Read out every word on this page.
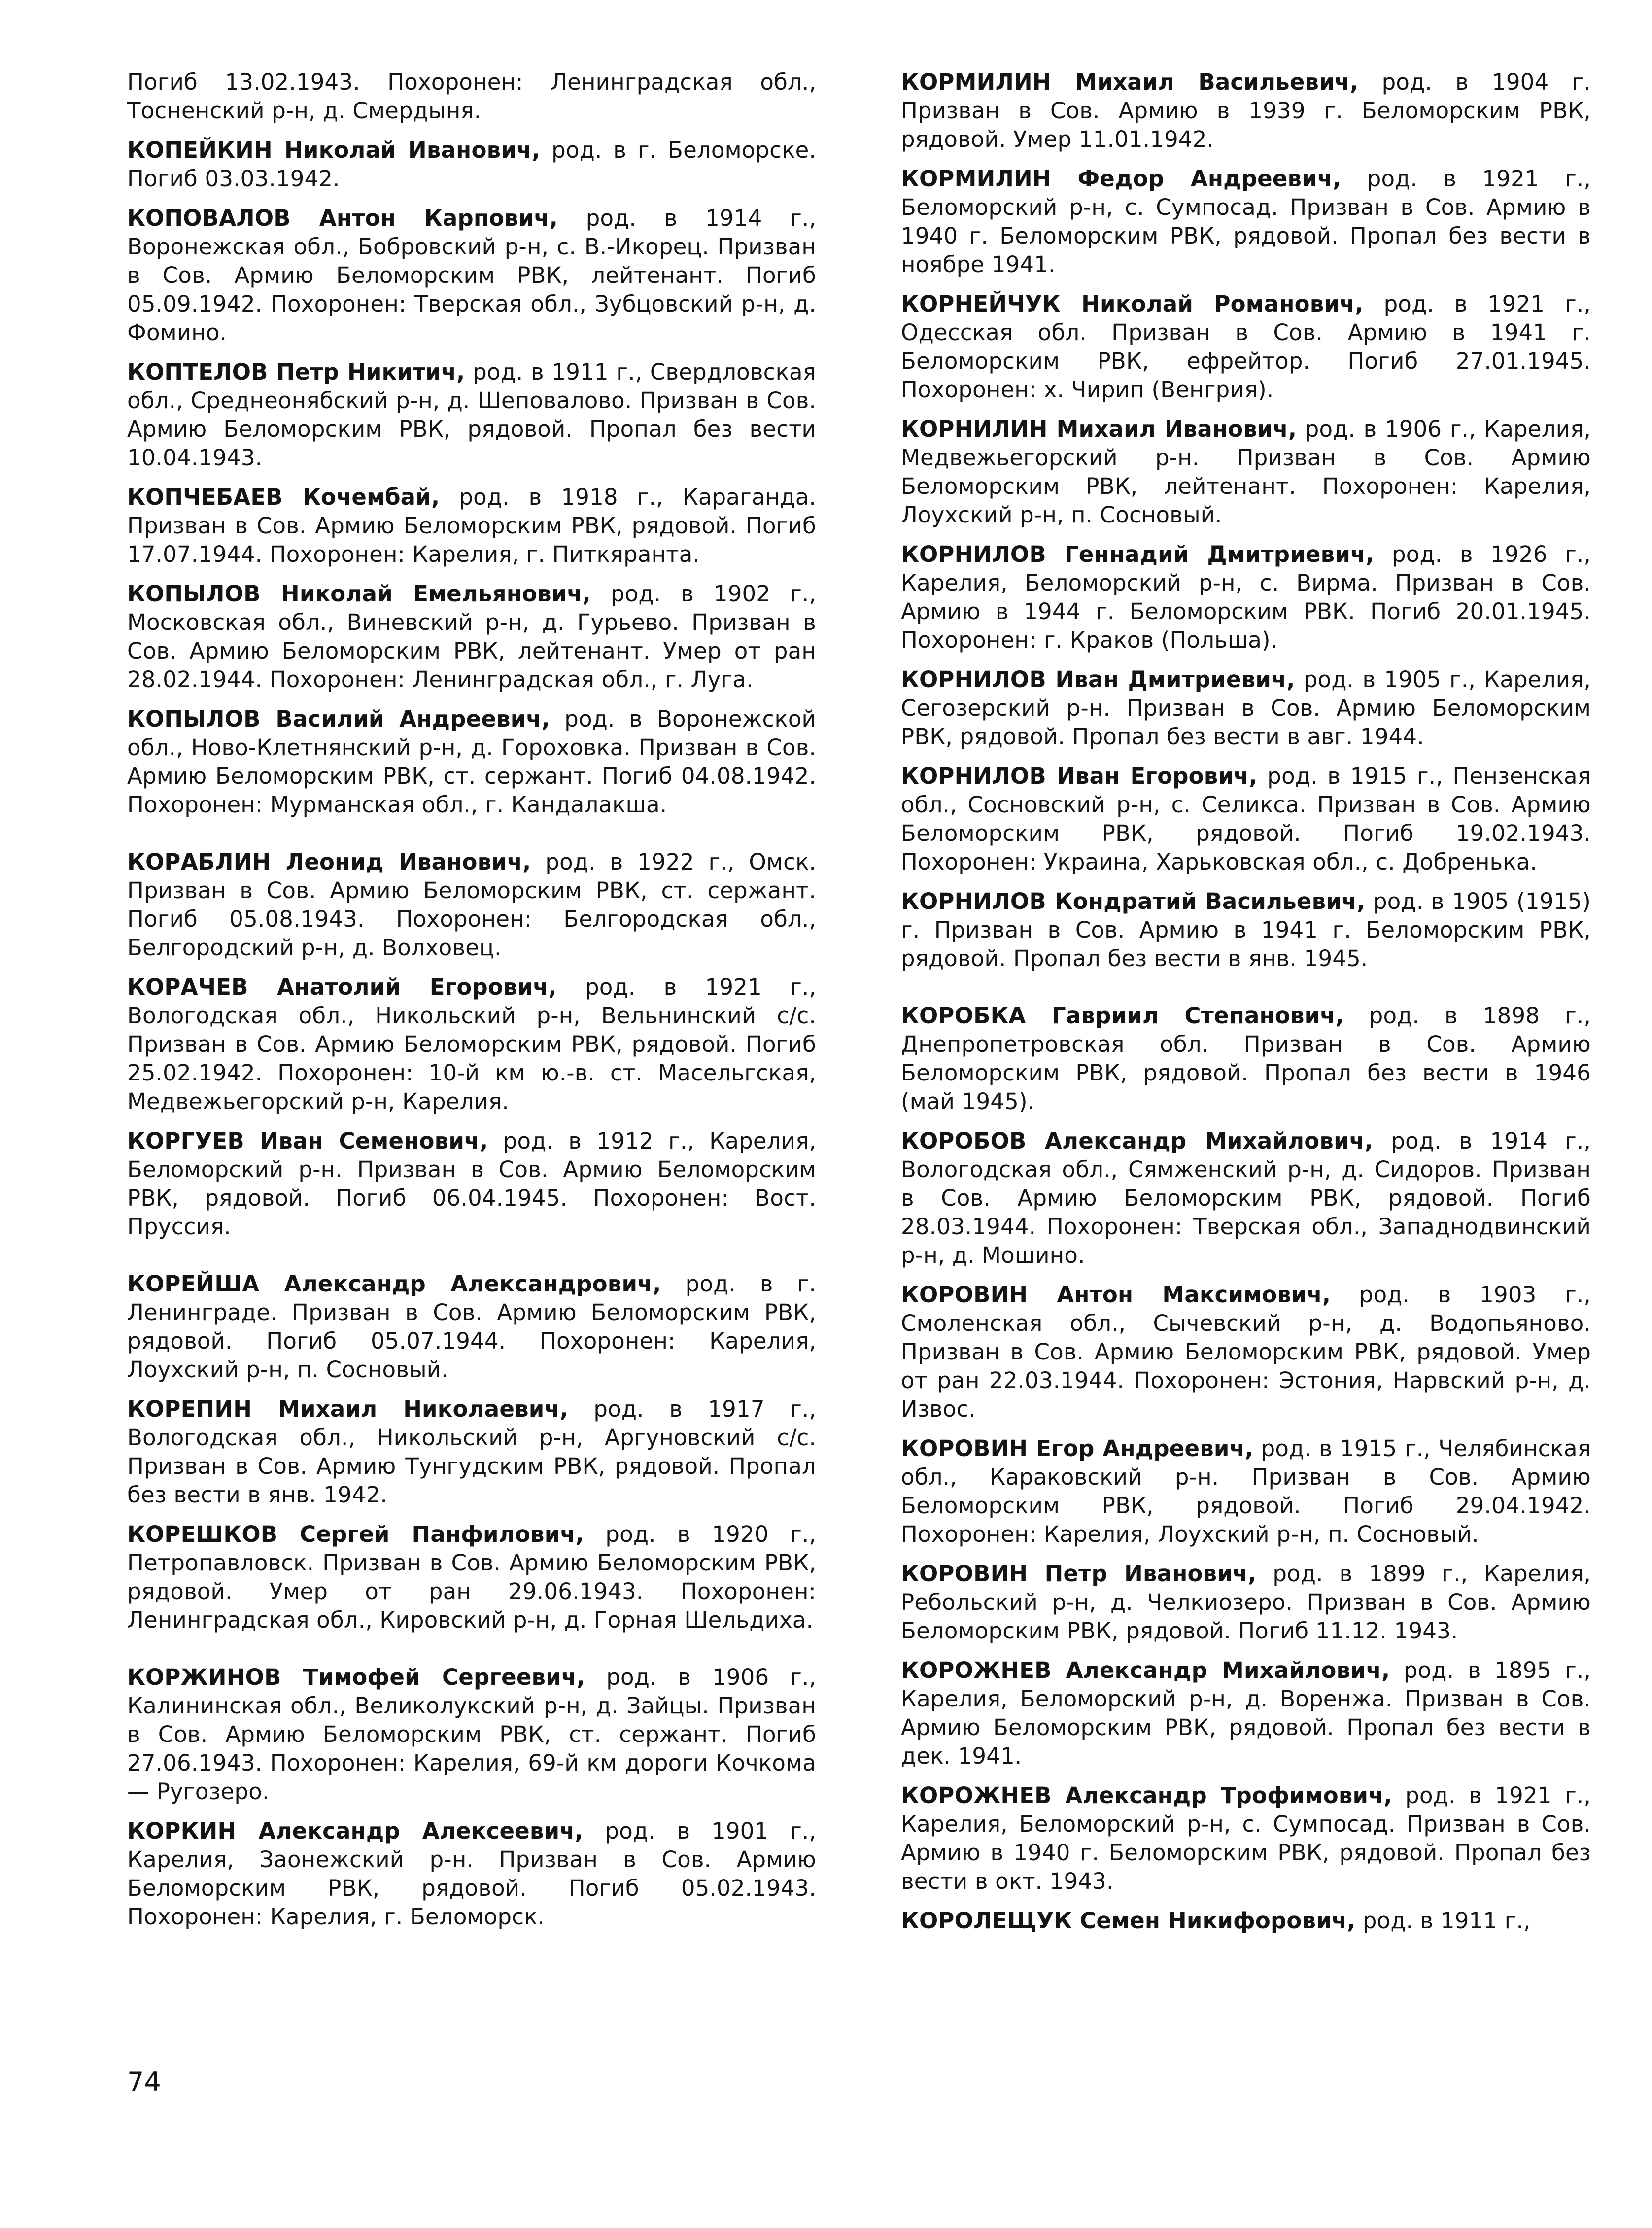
Погиб 13.02.1943. Похоронен: Ленинградская обл., Тосненский р-н, д. Смердыня.

КОПЕЙКИН Николай Иванович, род. в г. Беломорске. Погиб 03.03.1942.

КОПОВАЛОВ Антон Карпович, род. в 1914 г., Воронежская обл., Бобровский р-н, с. В.-Икорец. Призван в Сов. Армию Беломорским РВК, лейтенант. Погиб 05.09.1942. Похоронен: Тверская обл., Зубцовский р-н, д. Фомино.

КОПТЕЛОВ Петр Никитич, род. в 1911 г., Свердловская обл., Среднеонябский р-н, д. Шеповалово. Призван в Сов. Армию Беломорским РВК, рядовой. Пропал без вести 10.04.1943.

КОПЧЕБАЕВ Кочембай, род. в 1918 г., Караганда. Призван в Сов. Армию Беломорским РВК, рядовой. Погиб 17.07.1944. Похоронен: Карелия, г. Питкяранта.

КОПЫЛОВ Николай Емельянович, род. в 1902 г., Московская обл., Виневский р-н, д. Гурьево. Призван в Сов. Армию Беломорским РВК, лейтенант. Умер от ран 28.02.1944. Похоронен: Ленинградская обл., г. Луга.

КОПЫЛОВ Василий Андреевич, род. в Воронежской обл., Ново-Клетнянский р-н, д. Гороховка. Призван в Сов. Армию Беломорским РВК, ст. сержант. Погиб 04.08.1942. Похоронен: Мурманская обл., г. Кандалакша.

КОРАБЛИН Леонид Иванович, род. в 1922 г., Омск. Призван в Сов. Армию Беломорским РВК, ст. сержант. Погиб 05.08.1943. Похоронен: Белгородская обл., Белгородский р-н, д. Волховец.

КОРАЧЕВ Анатолий Егорович, род. в 1921 г., Вологодская обл., Никольский р-н, Вельнинский с/с. Призван в Сов. Армию Беломорским РВК, рядовой. Погиб 25.02.1942. Похоронен: 10-й км ю.-в. ст. Масельгская, Медвежьегорский р-н, Карелия.

КОРГУЕВ Иван Семенович, род. в 1912 г., Карелия, Беломорский р-н. Призван в Сов. Армию Беломорским РВК, рядовой. Погиб 06.04.1945. Похоронен: Вост. Пруссия.

КОРЕЙША Александр Александрович, род. в г. Ленинграде. Призван в Сов. Армию Беломорским РВК, рядовой. Погиб 05.07.1944. Похоронен: Карелия, Лоухский р-н, п. Сосновый.

КОРЕПИН Михаил Николаевич, род. в 1917 г., Вологодская обл., Никольский р-н, Аргуновский с/с. Призван в Сов. Армию Тунгудским РВК, рядовой. Пропал без вести в янв. 1942.

КОРЕШКОВ Сергей Панфилович, род. в 1920 г., Петропавловск. Призван в Сов. Армию Беломорским РВК, рядовой. Умер от ран 29.06.1943. Похоронен: Ленинградская обл., Кировский р-н, д. Горная Шельдиха.

КОРЖИНОВ Тимофей Сергеевич, род. в 1906 г., Калининская обл., Великолукский р-н, д. Зайцы. Призван в Сов. Армию Беломорским РВК, ст. сержант. Погиб 27.06.1943. Похоронен: Карелия, 69-й км дороги Кочкома — Ругозеро.

КОРКИН Александр Алексеевич, род. в 1901 г., Карелия, Заонежский р-н. Призван в Сов. Армию Беломорским РВК, рядовой. Погиб 05.02.1943. Похоронен: Карелия, г. Беломорск.

КОРМИЛИН Михаил Васильевич, род. в 1904 г. Призван в Сов. Армию в 1939 г. Беломорским РВК, рядовой. Умер 11.01.1942.

КОРМИЛИН Федор Андреевич, род. в 1921 г., Беломорский р-н, с. Сумпосад. Призван в Сов. Армию в 1940 г. Беломорским РВК, рядовой. Пропал без вести в ноябре 1941.

КОРНЕЙЧУК Николай Романович, род. в 1921 г., Одесская обл. Призван в Сов. Армию в 1941 г. Беломорским РВК, ефрейтор. Погиб 27.01.1945. Похоронен: х. Чирип (Венгрия).

КОРНИЛИН Михаил Иванович, род. в 1906 г., Карелия, Медвежьегорский р-н. Призван в Сов. Армию Беломорским РВК, лейтенант. Похоронен: Карелия, Лоухский р-н, п. Сосновый.

КОРНИЛОВ Геннадий Дмитриевич, род. в 1926 г., Карелия, Беломорский р-н, с. Вирма. Призван в Сов. Армию в 1944 г. Беломорским РВК. Погиб 20.01.1945. Похоронен: г. Краков (Польша).

КОРНИЛОВ Иван Дмитриевич, род. в 1905 г., Карелия, Сегозерский р-н. Призван в Сов. Армию Беломорским РВК, рядовой. Пропал без вести в авг. 1944.

КОРНИЛОВ Иван Егорович, род. в 1915 г., Пензенская обл., Сосновский р-н, с. Селикса. Призван в Сов. Армию Беломорским РВК, рядовой. Погиб 19.02.1943. Похоронен: Украина, Харьковская обл., с. Добренька.

КОРНИЛОВ Кондратий Васильевич, род. в 1905 (1915) г. Призван в Сов. Армию в 1941 г. Беломорским РВК, рядовой. Пропал без вести в янв. 1945.

КОРОБКА Гавриил Степанович, род. в 1898 г., Днепропетровская обл. Призван в Сов. Армию Беломорским РВК, рядовой. Пропал без вести в 1946 (май 1945).

КОРОБОВ Александр Михайлович, род. в 1914 г., Вологодская обл., Сямженский р-н, д. Сидоров. Призван в Сов. Армию Беломорским РВК, рядовой. Погиб 28.03.1944. Похоронен: Тверская обл., Западнодвинский р-н, д. Мошино.

КОРОВИН Антон Максимович, род. в 1903 г., Смоленская обл., Сычевский р-н, д. Водопьяново. Призван в Сов. Армию Беломорским РВК, рядовой. Умер от ран 22.03.1944. Похоронен: Эстония, Нарвский р-н, д. Извос.

КОРОВИН Егор Андреевич, род. в 1915 г., Челябинская обл., Караковский р-н. Призван в Сов. Армию Беломорским РВК, рядовой. Погиб 29.04.1942. Похоронен: Карелия, Лоухский р-н, п. Сосновый.

КОРОВИН Петр Иванович, род. в 1899 г., Карелия, Ребольский р-н, д. Челкиозеро. Призван в Сов. Армию Беломорским РВК, рядовой. Погиб 11.12. 1943.

КОРОЖНЕВ Александр Михайлович, род. в 1895 г., Карелия, Беломорский р-н, д. Воренжа. Призван в Сов. Армию Беломорским РВК, рядовой. Пропал без вести в дек. 1941.

КОРОЖНЕВ Александр Трофимович, род. в 1921 г., Карелия, Беломорский р-н, с. Сумпосад. Призван в Сов. Армию в 1940 г. Беломорским РВК, рядовой. Пропал без вести в окт. 1943.

КОРОЛЕЩУК Семен Никифорович, род. в 1911 г.,

74
